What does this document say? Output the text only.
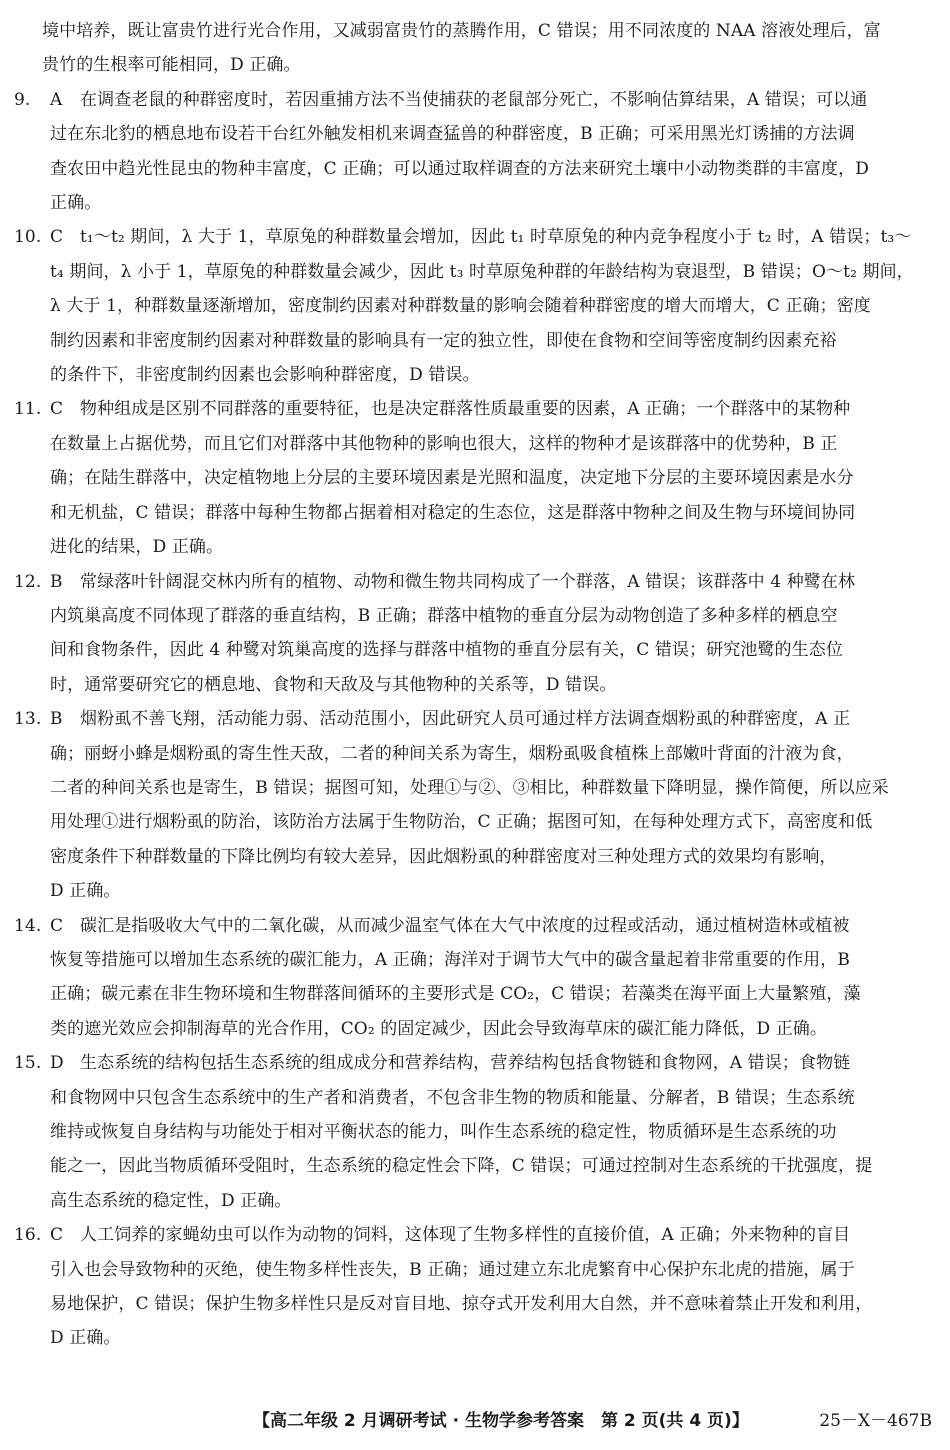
境中培养，既让富贵竹进行光合作用，又减弱富贵竹的蒸腾作用，C 错误；用不同浓度的 NAA 溶液处理后，富
贵竹的生根率可能相同，D 正确。
9. A 在调查老鼠的种群密度时，若因重捕方法不当使捕获的老鼠部分死亡，不影响估算结果，A 错误；可以通
过在东北豹的栖息地布设若干台红外触发相机来调查猛兽的种群密度，B 正确；可采用黑光灯诱捕的方法调
查农田中趋光性昆虫的物种丰富度，C 正确；可以通过取样调查的方法来研究土壤中小动物类群的丰富度，D
正确。
10. C t₁～t₂ 期间，λ 大于 1，草原兔的种群数量会增加，因此 t₁ 时草原兔的种内竞争程度小于 t₂ 时，A 错误；t₃～
t₄ 期间，λ 小于 1，草原兔的种群数量会减少，因此 t₃ 时草原兔种群的年龄结构为衰退型，B 错误；O～t₂ 期间，
λ 大于 1，种群数量逐渐增加，密度制约因素对种群数量的影响会随着种群密度的增大而增大，C 正确；密度
制约因素和非密度制约因素对种群数量的影响具有一定的独立性，即使在食物和空间等密度制约因素充裕
的条件下，非密度制约因素也会影响种群密度，D 错误。
11. C 物种组成是区别不同群落的重要特征，也是决定群落性质最重要的因素，A 正确；一个群落中的某物种
在数量上占据优势，而且它们对群落中其他物种的影响也很大，这样的物种才是该群落中的优势种，B 正
确；在陆生群落中，决定植物地上分层的主要环境因素是光照和温度，决定地下分层的主要环境因素是水分
和无机盐，C 错误；群落中每种生物都占据着相对稳定的生态位，这是群落中物种之间及生物与环境间协同
进化的结果，D 正确。
12. B 常绿落叶针阔混交林内所有的植物、动物和微生物共同构成了一个群落，A 错误；该群落中 4 种鹭在林
内筑巢高度不同体现了群落的垂直结构，B 正确；群落中植物的垂直分层为动物创造了多种多样的栖息空
间和食物条件，因此 4 种鹭对筑巢高度的选择与群落中植物的垂直分层有关，C 错误；研究池鹭的生态位
时，通常要研究它的栖息地、食物和天敌及与其他物种的关系等，D 错误。
13. B 烟粉虱不善飞翔，活动能力弱、活动范围小，因此研究人员可通过样方法调查烟粉虱的种群密度，A 正
确；丽蚜小蜂是烟粉虱的寄生性天敌，二者的种间关系为寄生，烟粉虱吸食植株上部嫩叶背面的汁液为食，
二者的种间关系也是寄生，B 错误；据图可知，处理①与②、③相比，种群数量下降明显，操作简便，所以应采
用处理①进行烟粉虱的防治，该防治方法属于生物防治，C 正确；据图可知，在每种处理方式下，高密度和低
密度条件下种群数量的下降比例均有较大差异，因此烟粉虱的种群密度对三种处理方式的效果均有影响，
D 正确。
14. C 碳汇是指吸收大气中的二氧化碳，从而减少温室气体在大气中浓度的过程或活动，通过植树造林或植被
恢复等措施可以增加生态系统的碳汇能力，A 正确；海洋对于调节大气中的碳含量起着非常重要的作用，B
正确；碳元素在非生物环境和生物群落间循环的主要形式是 CO₂，C 错误；若藻类在海平面上大量繁殖，藻
类的遮光效应会抑制海草的光合作用，CO₂ 的固定减少，因此会导致海草床的碳汇能力降低，D 正确。
15. D 生态系统的结构包括生态系统的组成成分和营养结构，营养结构包括食物链和食物网，A 错误；食物链
和食物网中只包含生态系统中的生产者和消费者，不包含非生物的物质和能量、分解者，B 错误；生态系统
维持或恢复自身结构与功能处于相对平衡状态的能力，叫作生态系统的稳定性，物质循环是生态系统的功
能之一，因此当物质循环受阻时，生态系统的稳定性会下降，C 错误；可通过控制对生态系统的干扰强度，提
高生态系统的稳定性，D 正确。
16. C 人工饲养的家蝇幼虫可以作为动物的饲料，这体现了生物多样性的直接价值，A 正确；外来物种的盲目
引入也会导致物种的灭绝，使生物多样性丧失，B 正确；通过建立东北虎繁育中心保护东北虎的措施，属于
易地保护，C 错误；保护生物多样性只是反对盲目地、掠夺式开发利用大自然，并不意味着禁止开发和利用，
D 正确。
【高二年级 2 月调研考试 · 生物学参考答案　第 2 页(共 4 页)】	25－X－467B
